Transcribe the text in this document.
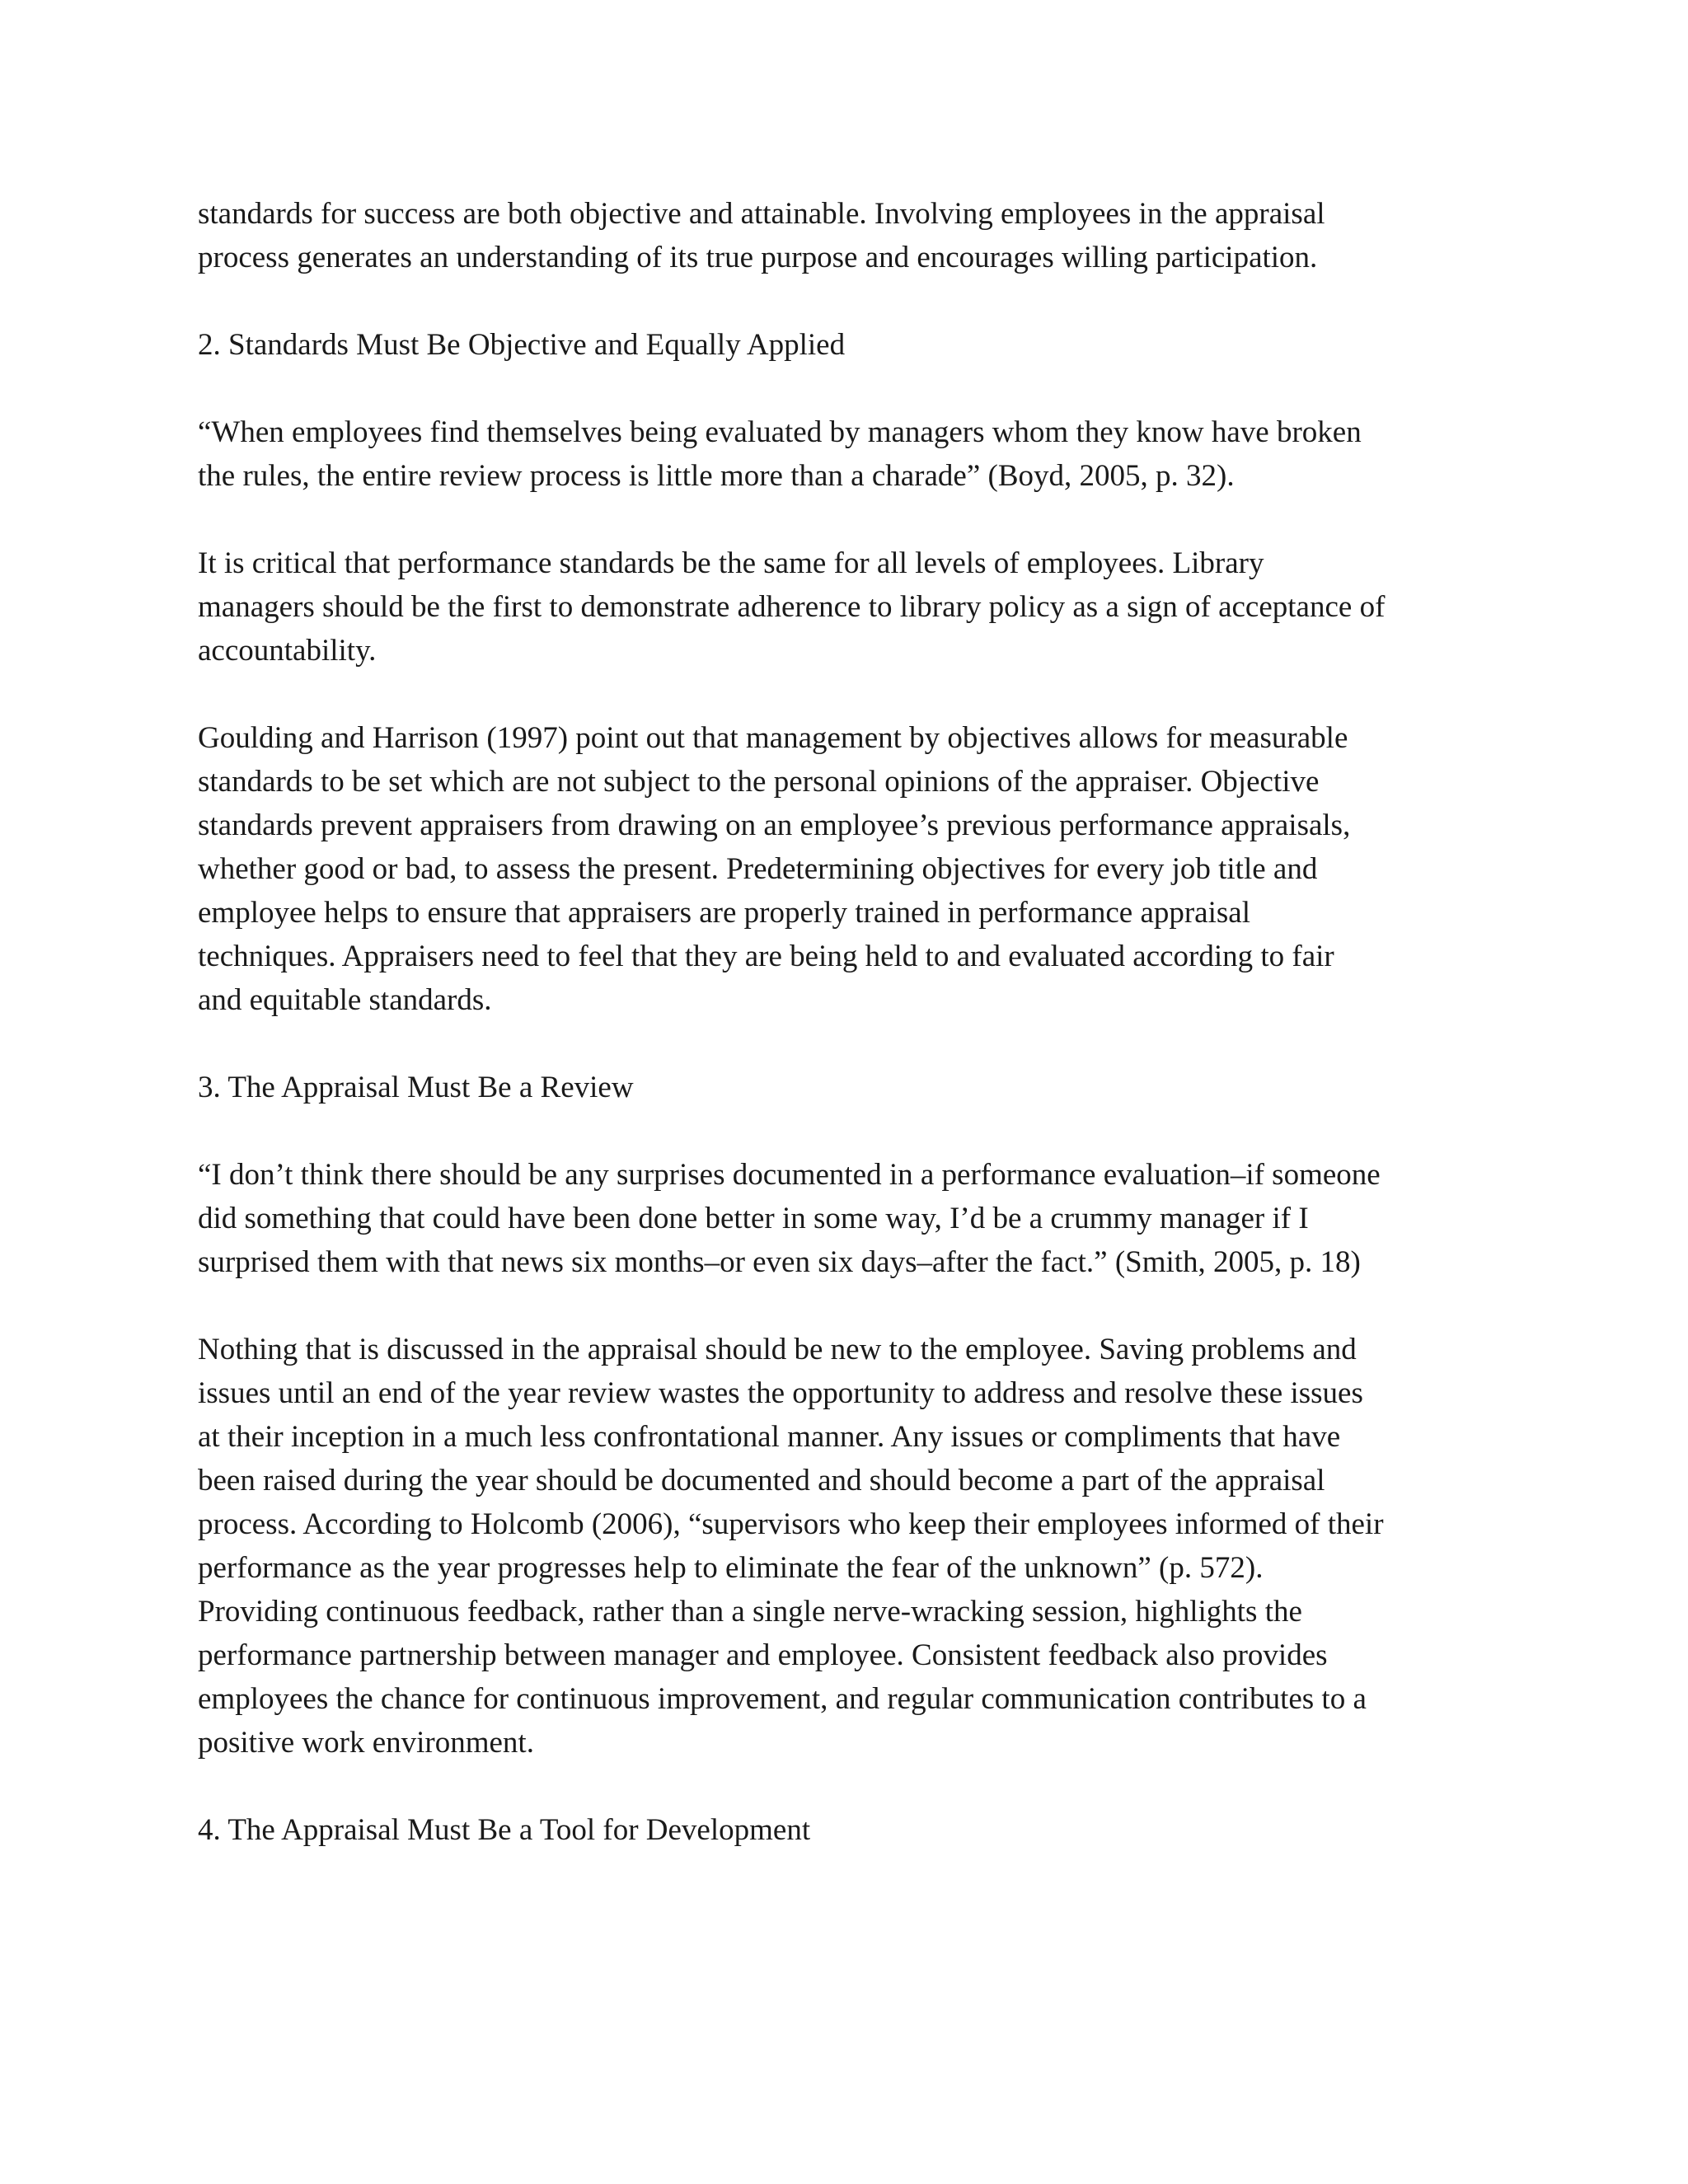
standards for success are both objective and attainable. Involving employees in the appraisal
process generates an understanding of its true purpose and encourages willing participation.
2. Standards Must Be Objective and Equally Applied
“When employees find themselves being evaluated by managers whom they know have broken
the rules, the entire review process is little more than a charade” (Boyd, 2005, p. 32).
It is critical that performance standards be the same for all levels of employees. Library
managers should be the first to demonstrate adherence to library policy as a sign of acceptance of
accountability.
Goulding and Harrison (1997) point out that management by objectives allows for measurable
standards to be set which are not subject to the personal opinions of the appraiser. Objective
standards prevent appraisers from drawing on an employee’s previous performance appraisals,
whether good or bad, to assess the present. Predetermining objectives for every job title and
employee helps to ensure that appraisers are properly trained in performance appraisal
techniques. Appraisers need to feel that they are being held to and evaluated according to fair
and equitable standards.
3. The Appraisal Must Be a Review
“I don’t think there should be any surprises documented in a performance evaluation–if someone
did something that could have been done better in some way, I’d be a crummy manager if I
surprised them with that news six months–or even six days–after the fact.” (Smith, 2005, p. 18)
Nothing that is discussed in the appraisal should be new to the employee. Saving problems and
issues until an end of the year review wastes the opportunity to address and resolve these issues
at their inception in a much less confrontational manner. Any issues or compliments that have
been raised during the year should be documented and should become a part of the appraisal
process. According to Holcomb (2006), “supervisors who keep their employees informed of their
performance as the year progresses help to eliminate the fear of the unknown” (p. 572).
Providing continuous feedback, rather than a single nerve-wracking session, highlights the
performance partnership between manager and employee. Consistent feedback also provides
employees the chance for continuous improvement, and regular communication contributes to a
positive work environment.
4. The Appraisal Must Be a Tool for Development
